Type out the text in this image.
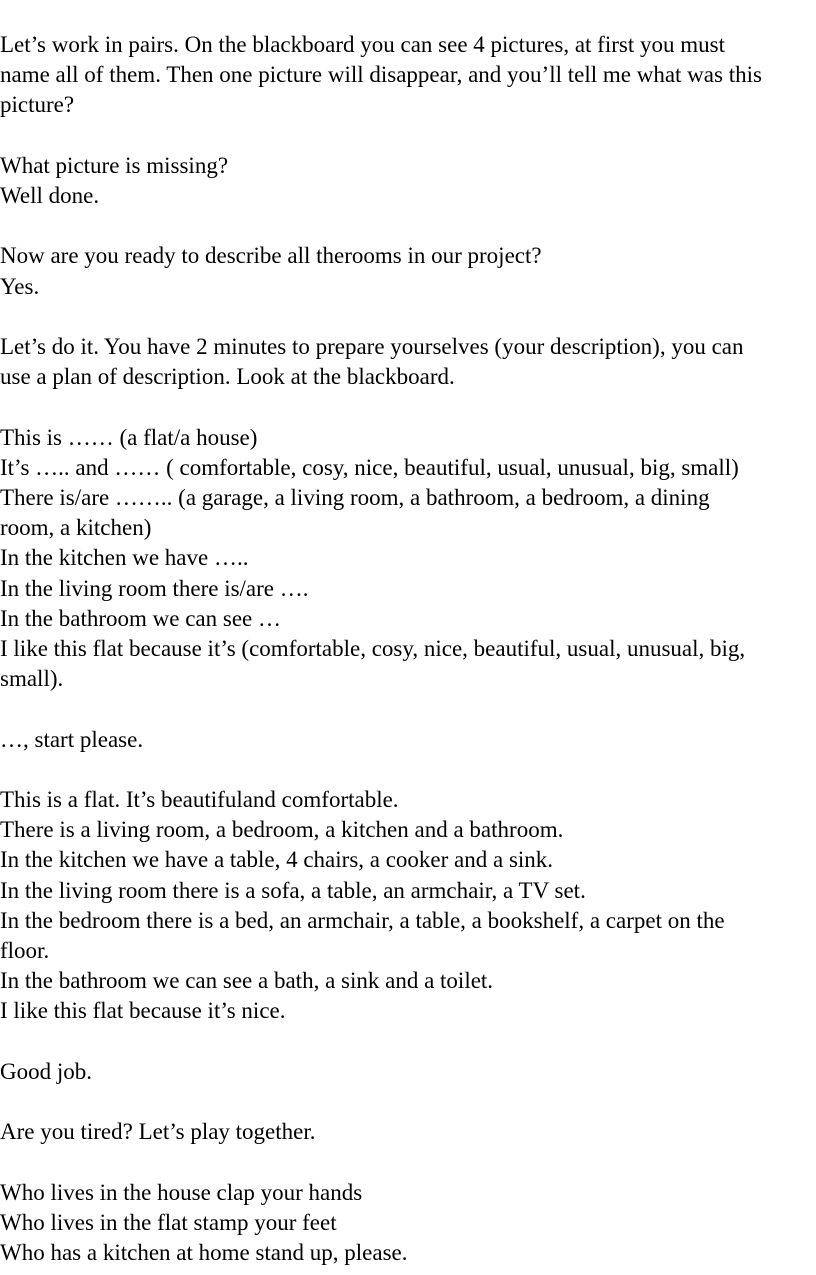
Let’s work in pairs. On the blackboard you can see 4 pictures, at first you must
name all of them. Then one picture will disappear, and you’ll tell me what was this
picture?
What picture is missing?
Well done.
Now are you ready to describe all therooms in our project?
Yes.
Let’s do it. You have 2 minutes to prepare yourselves (your description), you can
use a plan of description. Look at the blackboard.
This is …… (a flat/a house)
It’s ….. and …… ( comfortable, cosy, nice, beautiful, usual, unusual, big, small)
There is/are …….. (a garage, a living room, a bathroom, a bedroom, a dining
room, a kitchen)
In the kitchen we have …..
In the living room there is/are ….
In the bathroom we can see …
I like this flat because it’s (comfortable, cosy, nice, beautiful, usual, unusual, big,
small).
…, start please.
This is a flat. It’s beautifuland comfortable.
There is a living room, a bedroom, a kitchen and a bathroom.
In the kitchen we have a table, 4 chairs, a cooker and a sink.
In the living room there is a sofa, a table, an armchair, a TV set.
In the bedroom there is a bed, an armchair, a table, a bookshelf, a carpet on the
floor.
In the bathroom we can see a bath, a sink and a toilet.
I like this flat because it’s nice.
Good job.
Are you tired? Let’s play together.
Who lives in the house clap your hands
Who lives in the flat stamp your feet
Who has a kitchen at home stand up, please.
